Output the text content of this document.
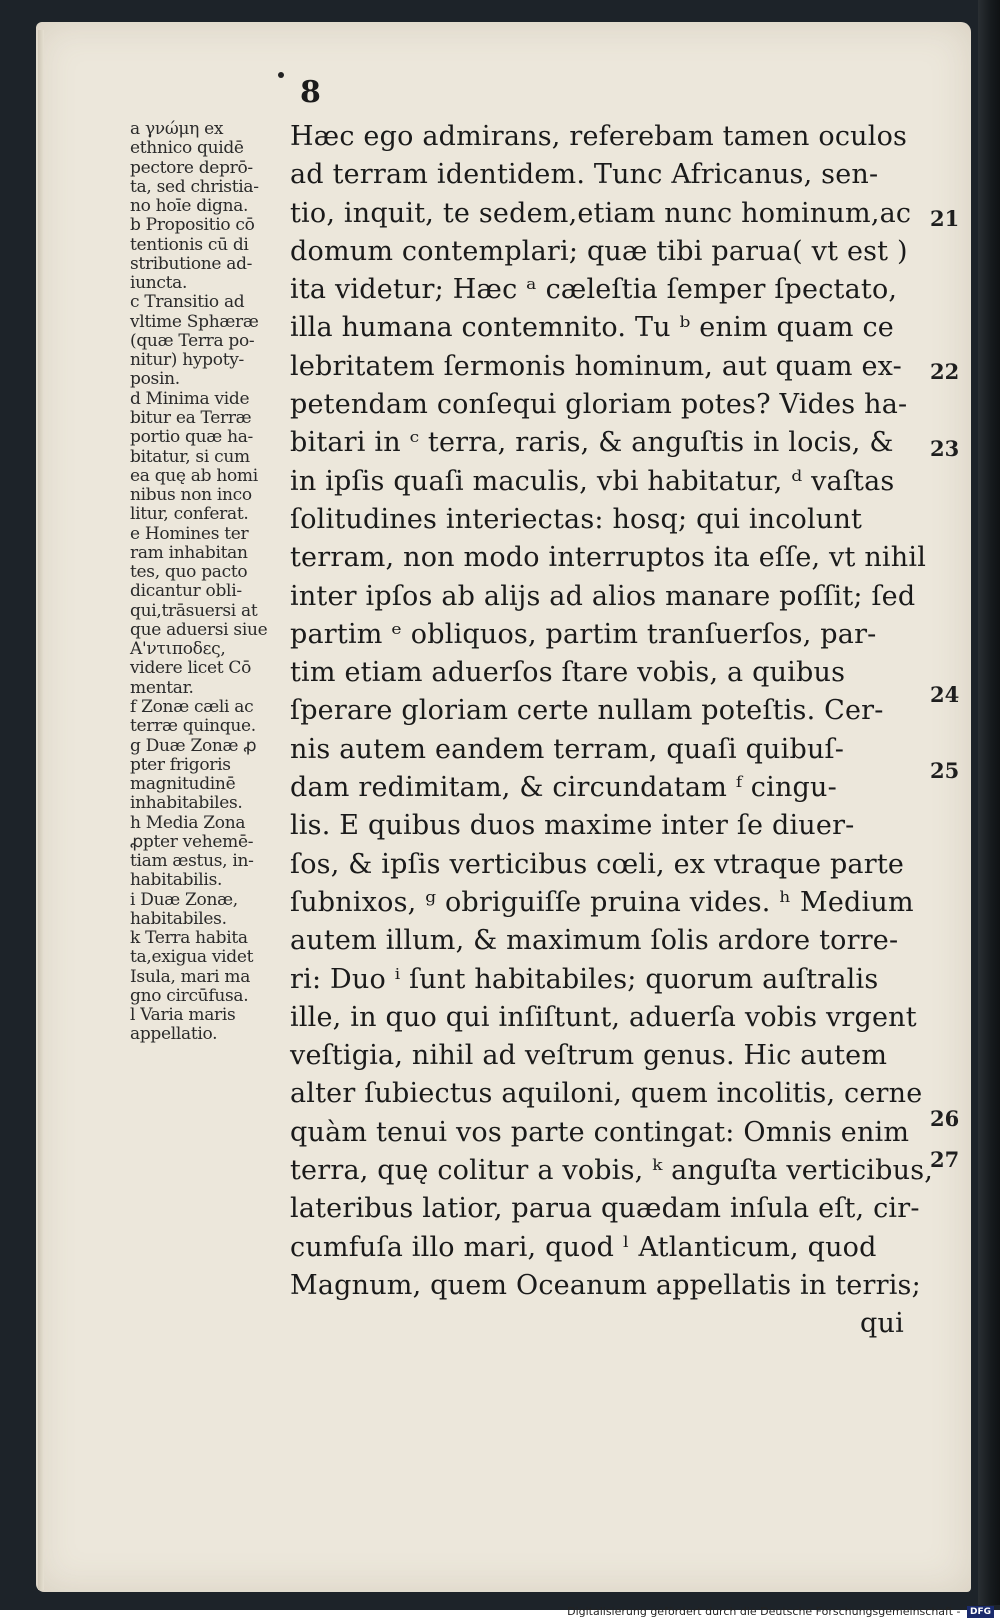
8
a γνώμη ex
ethnico quidē
pectore deprō-
ta, sed christia-
no hoīe digna.
b Propositio cō
tentionis cū di
stributione ad-
iuncta.
c Transitio ad
vltime Sphæræ
(quæ Terra po-
nitur) hypoty-
posin.
d Minima vide
bitur ea Terræ
portio quæ ha-
bitatur, si cum
ea quę ab homi
nibus non inco
litur, conferat.
e Homines ter
ram inhabitan
tes, quo pacto
dicantur obli-
qui,trāsuersi at
que aduersi siue
A'ντιποδες,
videre licet Cō
mentar.
f Zonæ cæli ac
terræ quinque.
g Duæ Zonæ ꝓ
pter frigoris
magnitudinē
inhabitabiles.
h Media Zona
ꝓpter vehemē-
tiam æstus, in-
habitabilis.
i Duæ Zonæ,
habitabiles.
k Terra habita
ta,exigua videt
Isula, mari ma
gno circūfusa.
l Varia maris
appellatio.
Hæc ego admirans, referebam tamen oculos
ad terram identidem. Tunc Africanus, sen-
tio, inquit, te sedem,etiam nunc hominum,ac
domum contemplari; quæ tibi parua( vt est )
ita videtur; Hæc ᵃ cæleſtia ſemper ſpectato,
illa humana contemnito. Tu ᵇ enim quam ce
lebritatem ſermonis hominum, aut quam ex-
petendam conſequi gloriam potes? Vides ha-
bitari in ᶜ terra, raris, & anguſtis in locis, &
in ipſis quaſi maculis, vbi habitatur, ᵈ vaſtas
ſolitudines interiectas: hosq; qui incolunt
terram, non modo interruptos ita eſſe, vt nihil
inter ipſos ab alijs ad alios manare poſſit; ſed
partim ᵉ obliquos, partim tranſuerſos, par-
tim etiam aduerſos ſtare vobis, a quibus
ſperare gloriam certe nullam poteſtis. Cer-
nis autem eandem terram, quaſi quibuſ-
dam redimitam, & circundatam ᶠ cingu-
lis. E quibus duos maxime inter ſe diuer-
ſos, & ipſis verticibus cœli, ex vtraque parte
ſubnixos, ᵍ obriguiſſe pruina vides. ʰ Medium
autem illum, & maximum ſolis ardore torre-
ri: Duo ⁱ ſunt habitabiles; quorum auſtralis
ille, in quo qui inſiſtunt, aduerſa vobis vrgent
veſtigia, nihil ad veſtrum genus. Hic autem
alter ſubiectus aquiloni, quem incolitis, cerne
quàm tenui vos parte contingat: Omnis enim
terra, quę colitur a vobis, ᵏ anguſta verticibus,
lateribus latior, parua quædam inſula eſt, cir-
cumfuſa illo mari, quod ˡ Atlanticum, quod
Magnum, quem Oceanum appellatis in terris;
qui
21
22
23
24
25
26
27
Digitalisierung gefördert durch die Deutsche Forschungsgemeinschaft - DFG
